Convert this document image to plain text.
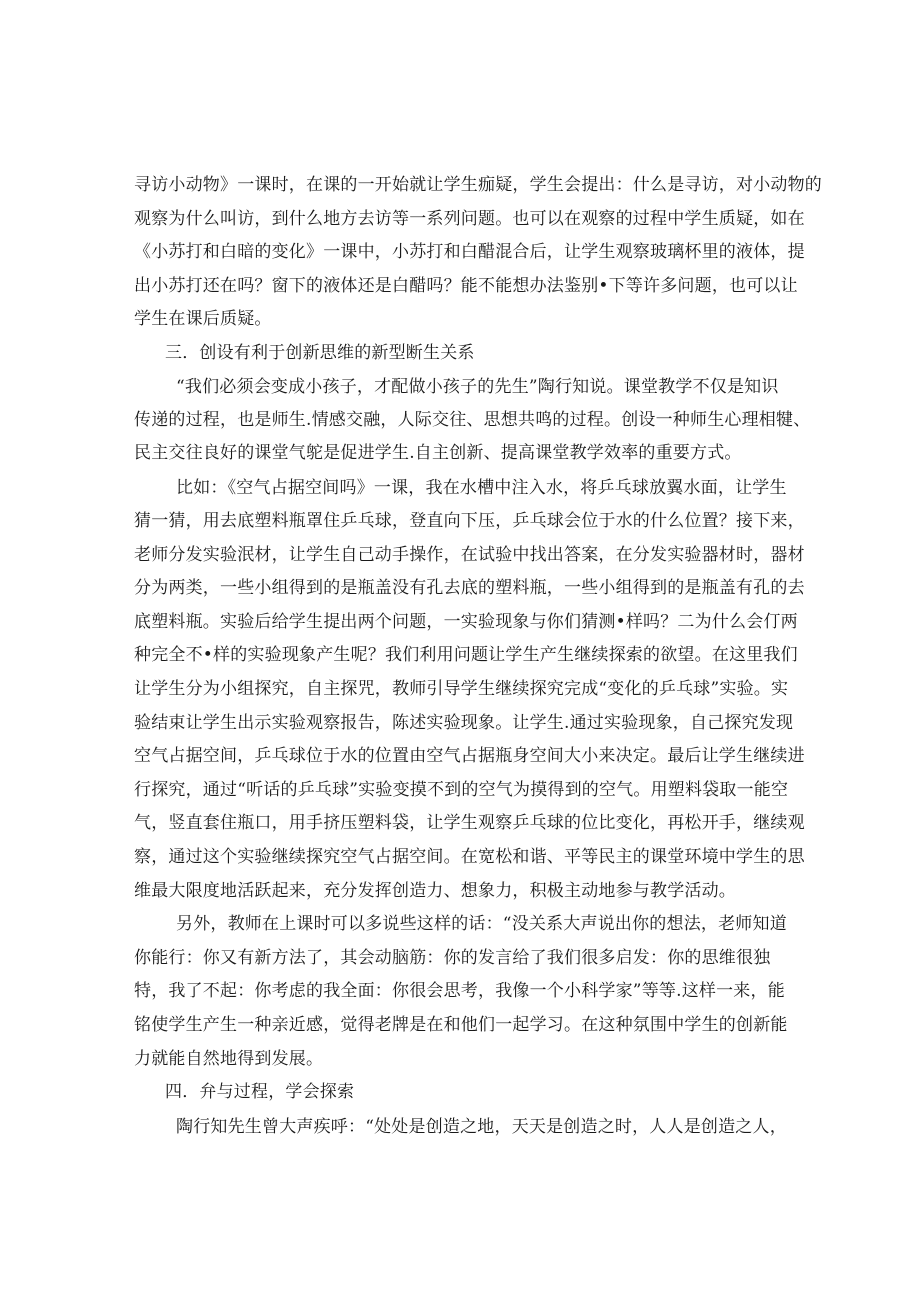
寻访小动物》一课时，在课的一开始就让学生痂疑，学生会提出：什么是寻访，对小动物的
观察为什么叫访，到什么地方去访等一系列问题。也可以在观察的过程中学生质疑，如在
《小苏打和白暗的变化》一课中，小苏打和白醋混合后，让学生观察玻璃杯里的液体，提
出小苏打还在吗？窗下的液体还是白醋吗？能不能想办法鉴别•下等许多问题，也可以让
学生在课后质疑。
三．创设有利于创新思维的新型断生关系
“我们必须会变成小孩子，才配做小孩子的先生”陶行知说。课堂教学不仅是知识
传递的过程，也是师生.情感交融，人际交往、思想共鸣的过程。创设一种师生心理相犍、
民主交往良好的课堂气鸵是促进学生.自主创新、提高课堂教学效率的重要方式。
比如：《空气占据空间吗》一课，我在水槽中注入水，将乒乓球放翼水面，让学生
猜一猜，用去底塑料瓶罩住乒乓球，登直向下压，乒乓球会位于水的什么位置？接下来，
老师分发实验泯材，让学生自己动手操作，在试验中找出答案，在分发实验器材时，器材
分为两类，一些小组得到的是瓶盖没有孔去底的塑料瓶，一些小组得到的是瓶盖有孔的去
底塑料瓶。实验后给学生提出两个问题，一实验现象与你们猜测•样吗？二为什么会仃两
种完全不•样的实验现象产生呢？我们利用问题让学生产生继续探索的欲望。在这里我们
让学生分为小组探究，自主探咒，教师引导学生继续探究完成“变化的乒乓球”实验。实
验结束让学生出示实验观察报告，陈述实验现象。让学生.通过实验现象，自己探究发现
空气占据空间，乒乓球位于水的位置由空气占据瓶身空间大小来决定。最后让学生继续进
行探究，通过“听话的乒乓球”实验变摸不到的空气为摸得到的空气。用塑料袋取一能空
气，竖直套住瓶口，用手挤压塑料袋，让学生观察乒乓球的位比变化，再松开手，继续观
察，通过这个实验继续探究空气占据空间。在宽松和谐、平等民主的课堂环境中学生的思
维最大限度地活跃起来，充分发挥创造力、想象力，积极主动地参与教学活动。
另外，教师在上课时可以多说些这样的话：“没关系大声说出你的想法，老师知道
你能行：你又有新方法了，其会动脑筋：你的发言给了我们很多启发：你的思维很独
特，我了不起：你考虑的我全面：你很会思考，我像一个小科学家”等等.这样一来，能
铭使学生产生一种亲近感，觉得老牌是在和他们一起学习。在这种氛围中学生的创新能
力就能自然地得到发展。
四．弁与过程，学会探索
陶行知先生曾大声疾呼：“处处是创造之地，天天是创造之时，人人是创造之人，
